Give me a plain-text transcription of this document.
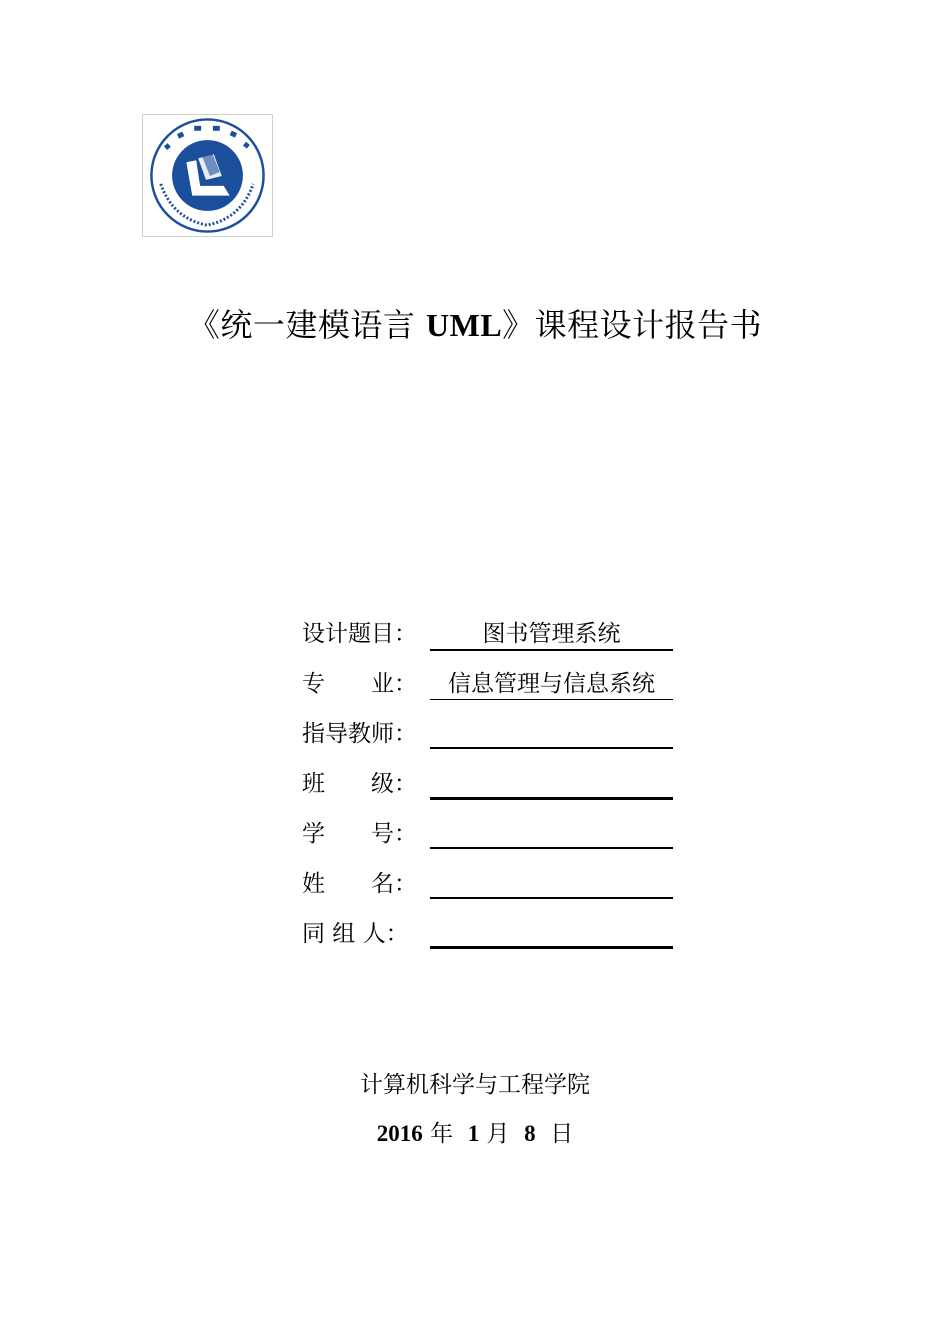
《统一建模语言 UML》课程设计报告书
设计题目：	图书管理系统
专　　业：	信息管理与信息系统
指导教师：
班　　级：
学　　号：
姓　　名：
同 组 人：
计算机科学与工程学院
2016 年 1 月 8 日
